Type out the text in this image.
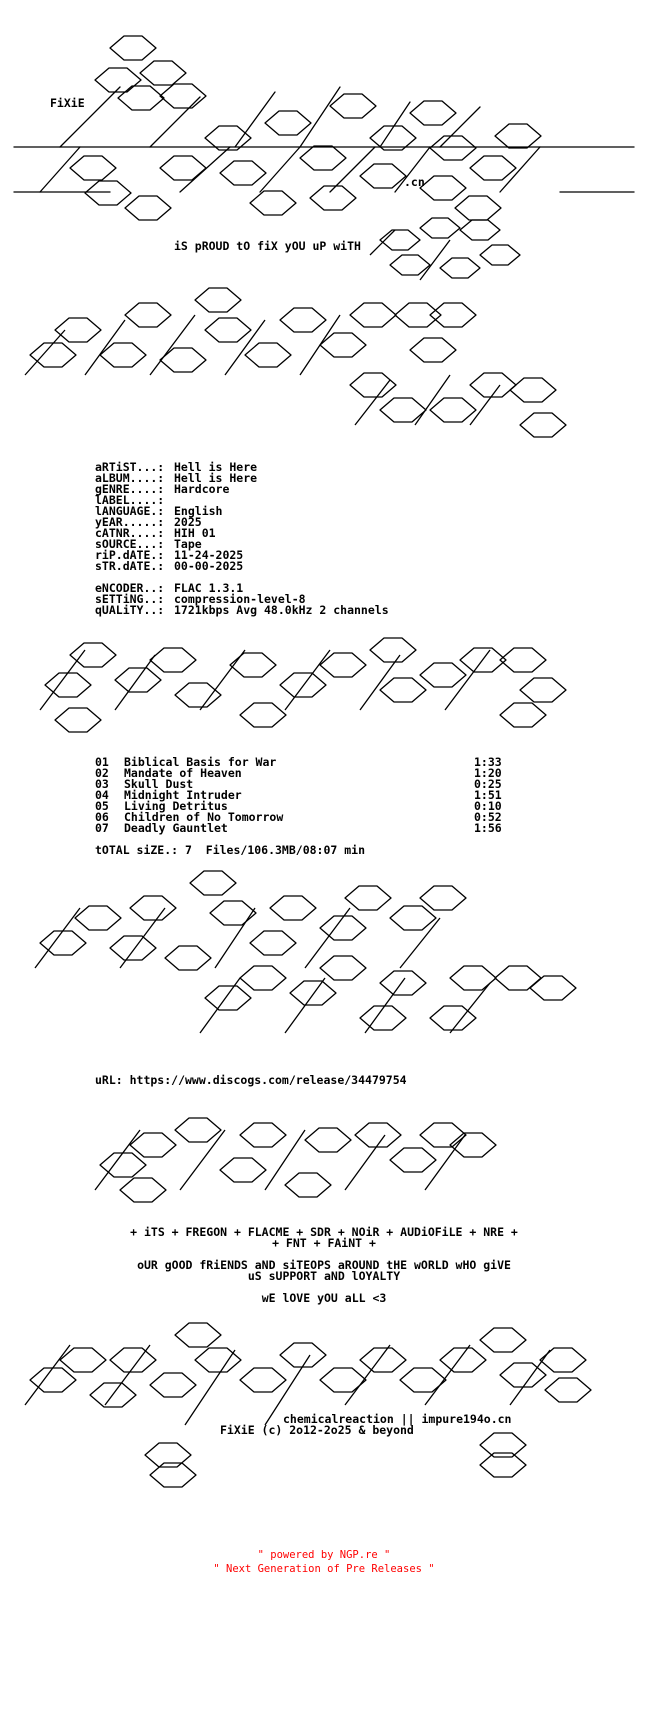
FiXiE
.cn
iS pROUD tO fiX yOU uP wiTH
aRTiST...: Hell is Here
aLBUM....: Hell is Here
gENRE....: Hardcore
lABEL....:
lANGUAGE.: English
yEAR.....: 2025
cATNR....: HIH 01
sOURCE...: Tape
riP.dATE.: 11-24-2025
sTR.dATE.: 00-00-2025
eNCODER..: FLAC 1.3.1
sETTiNG..: compression-level-8
qUALiTY..: 1721kbps Avg 48.0kHz 2 channels
01 Biblical Basis for War	1:33
02 Mandate of Heaven	1:20
03 Skull Dust	0:25
04 Midnight Intruder	1:51
05 Living Detritus	0:10
06 Children of No Tomorrow	0:52
07 Deadly Gauntlet	1:56
tOTAL siZE.: 7  Files/106.3MB/08:07 min
uRL: https://www.discogs.com/release/34479754
+ iTS + FREGON + FLACME + SDR + NOiR + AUDiOFiLE + NRE +
+ FNT + FAiNT +
oUR gOOD fRiENDS aND siTEOPS aROUND tHE wORLD wHO giVE
uS sUPPORT aND lOYALTY
wE lOVE yOU aLL <3
chemicalreaction || impure194o.cn
FiXiE (c) 2o12-2o25 & beyond
" powered by NGP.re "
" Next Generation of Pre Releases "
